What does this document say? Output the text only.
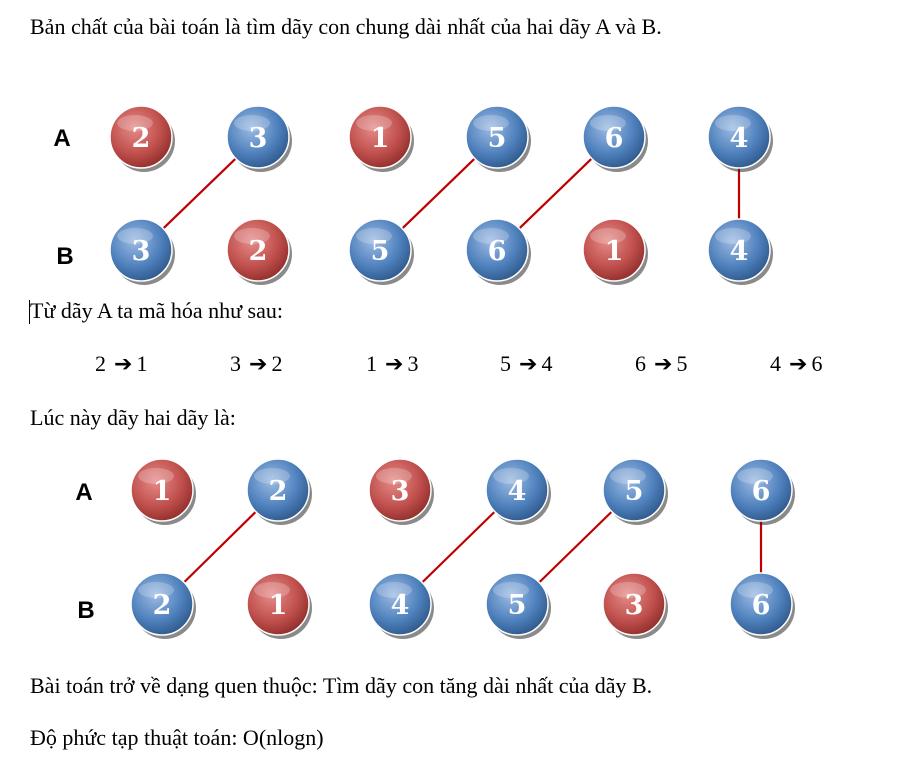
Bản chất của bài toán là tìm dãy con chung dài nhất của hai dãy A và B.
2	3	1	5	6	4
3	2	5	6	1	4
1	2	3	4	5	6
2	1	4	5	3	6
A
B
A
B
Từ dãy A ta mã hóa như sau:
2 ➔ 1	3 ➔ 2	1 ➔ 3	5 ➔ 4	6 ➔ 5	4 ➔ 6
Lúc này dãy hai dãy là:
Bài toán trở về dạng quen thuộc: Tìm dãy con tăng dài nhất của dãy B.
Độ phức tạp thuật toán: O(nlogn)
